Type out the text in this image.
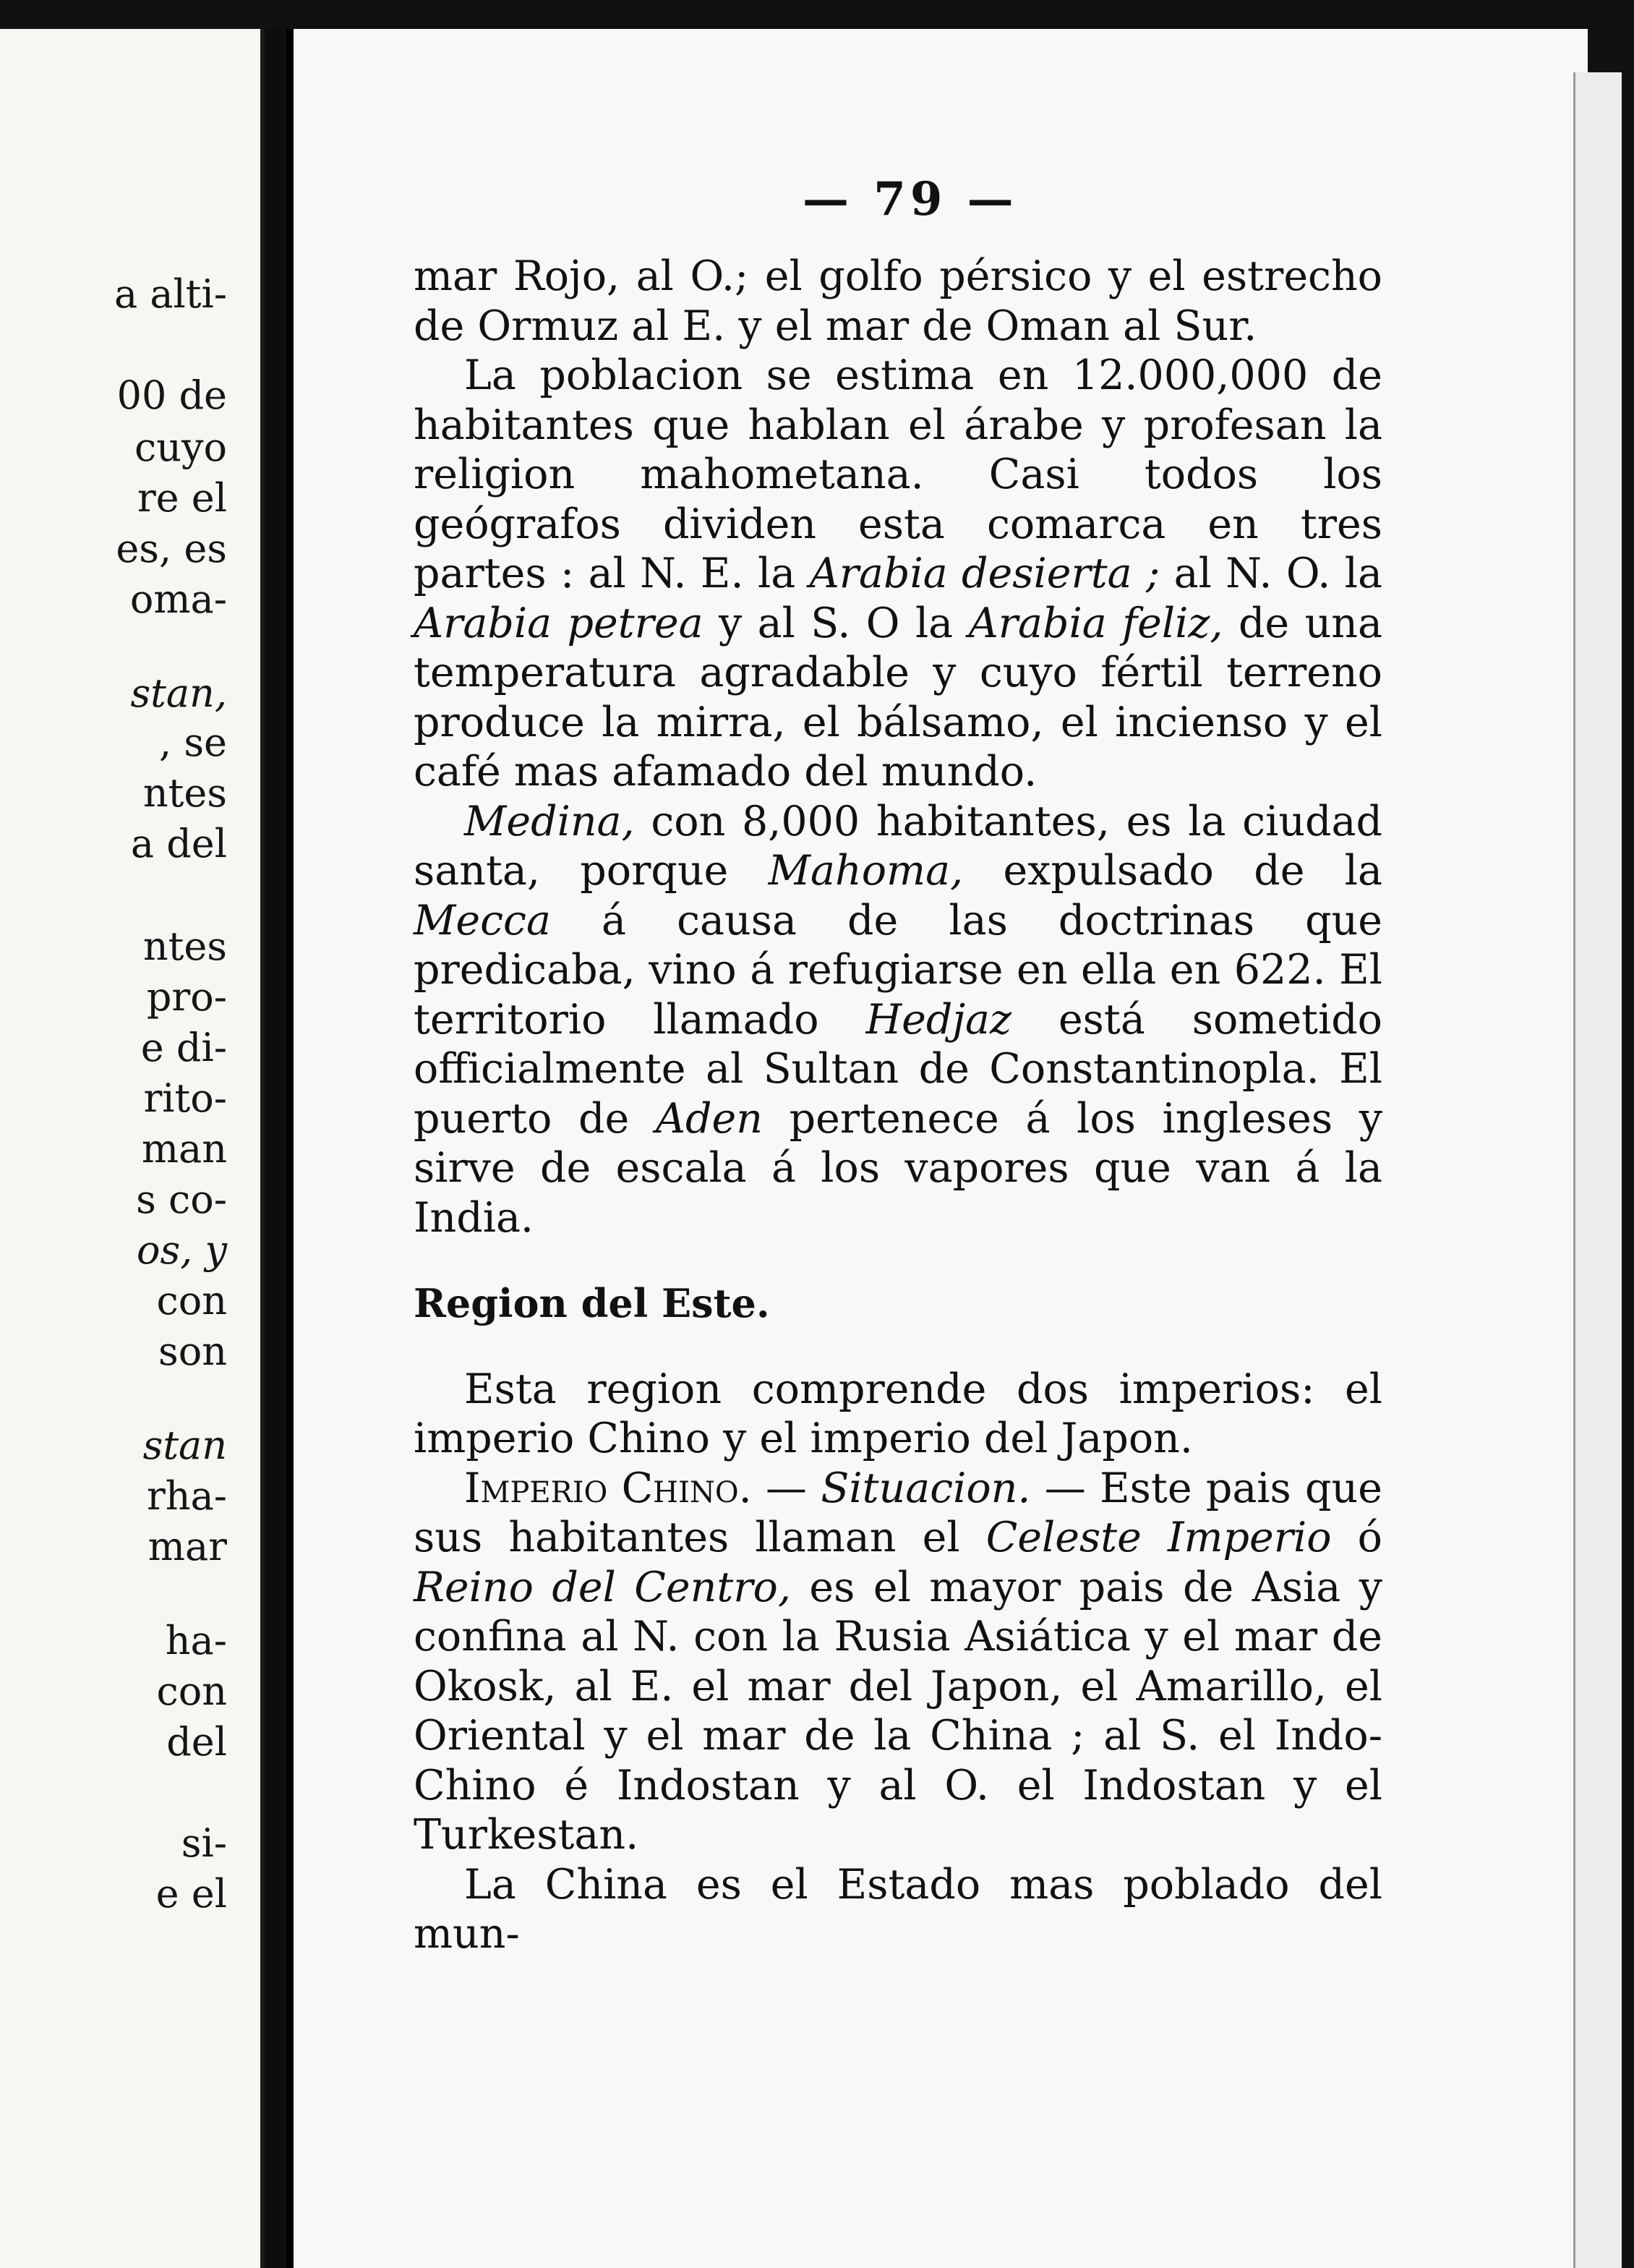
a alti-
00 de
cuyo
re el
es, es
oma-
stan,
, se
ntes
a del
ntes
pro-
e di-
rito-
man
s co-
os, y
con
son
stan
rha-
mar
ha-
con
del
si-
e el
— 79 —

mar Rojo, al O.; el golfo pérsico y el estrecho de Ormuz al E. y el mar de Oman al Sur.

La poblacion se estima en 12.000,000 de habitantes que hablan el árabe y profesan la religion mahometana. Casi todos los geógrafos dividen esta comarca en tres partes : al N. E. la Arabia desierta ; al N. O. la Arabia petrea y al S. O la Arabia feliz, de una temperatura agradable y cuyo fértil terreno produce la mirra, el bálsamo, el incienso y el café mas afamado del mundo.

Medina, con 8,000 habitantes, es la ciudad santa, porque Mahoma, expulsado de la Mecca á causa de las doctrinas que predicaba, vino á refugiarse en ella en 622. El territorio llamado Hedjaz está sometido officialmente al Sultan de Constantinopla. El puerto de Aden pertenece á los ingleses y sirve de escala á los vapores que van á la India.

Region del Este.

Esta region comprende dos imperios: el imperio Chino y el imperio del Japon.

Imperio Chino. — Situacion. — Este pais que sus habitantes llaman el Celeste Imperio ó Reino del Centro, es el mayor pais de Asia y confina al N. con la Rusia Asiática y el mar de Okosk, al E. el mar del Japon, el Amarillo, el Oriental y el mar de la China ; al S. el Indo-Chino é Indostan y al O. el Indostan y el Turkestan.

La China es el Estado mas poblado del mun-
